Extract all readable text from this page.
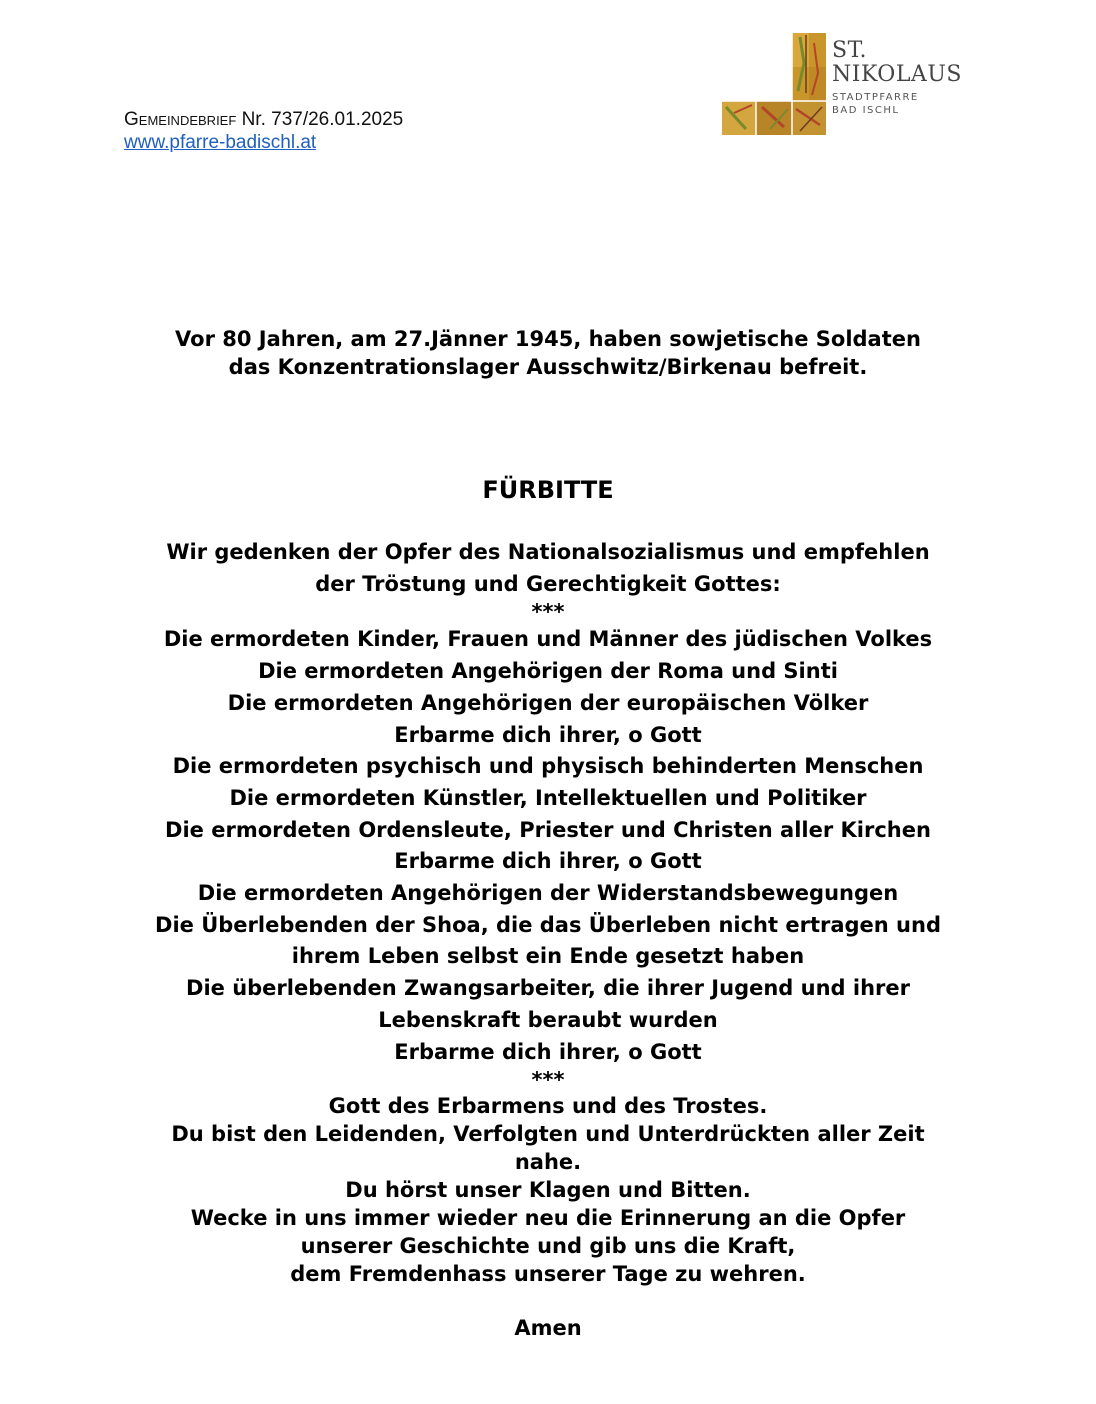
Gemeindebrief Nr. 737/26.01.2025
www.pfarre-badischl.at
ST.
NIKOLAUS
STADTPFARRE
BAD ISCHL
Vor 80 Jahren, am 27.Jänner 1945, haben sowjetische Soldaten
das Konzentrationslager Ausschwitz/Birkenau befreit.
FÜRBITTE
Wir gedenken der Opfer des Nationalsozialismus und empfehlen
der Tröstung und Gerechtigkeit Gottes:
***
Die ermordeten Kinder, Frauen und Männer des jüdischen Volkes
Die ermordeten Angehörigen der Roma und Sinti
Die ermordeten Angehörigen der europäischen Völker
Erbarme dich ihrer, o Gott
Die ermordeten psychisch und physisch behinderten Menschen
Die ermordeten Künstler, Intellektuellen und Politiker
Die ermordeten Ordensleute, Priester und Christen aller Kirchen
Erbarme dich ihrer, o Gott
Die ermordeten Angehörigen der Widerstandsbewegungen
Die Überlebenden der Shoa, die das Überleben nicht ertragen und
ihrem Leben selbst ein Ende gesetzt haben
Die überlebenden Zwangsarbeiter, die ihrer Jugend und ihrer
Lebenskraft beraubt wurden
Erbarme dich ihrer, o Gott
***
Gott des Erbarmens und des Trostes.
Du bist den Leidenden, Verfolgten und Unterdrückten aller Zeit
nahe.
Du hörst unser Klagen und Bitten.
Wecke in uns immer wieder neu die Erinnerung an die Opfer
unserer Geschichte und gib uns die Kraft,
dem Fremdenhass unserer Tage zu wehren.
Amen
